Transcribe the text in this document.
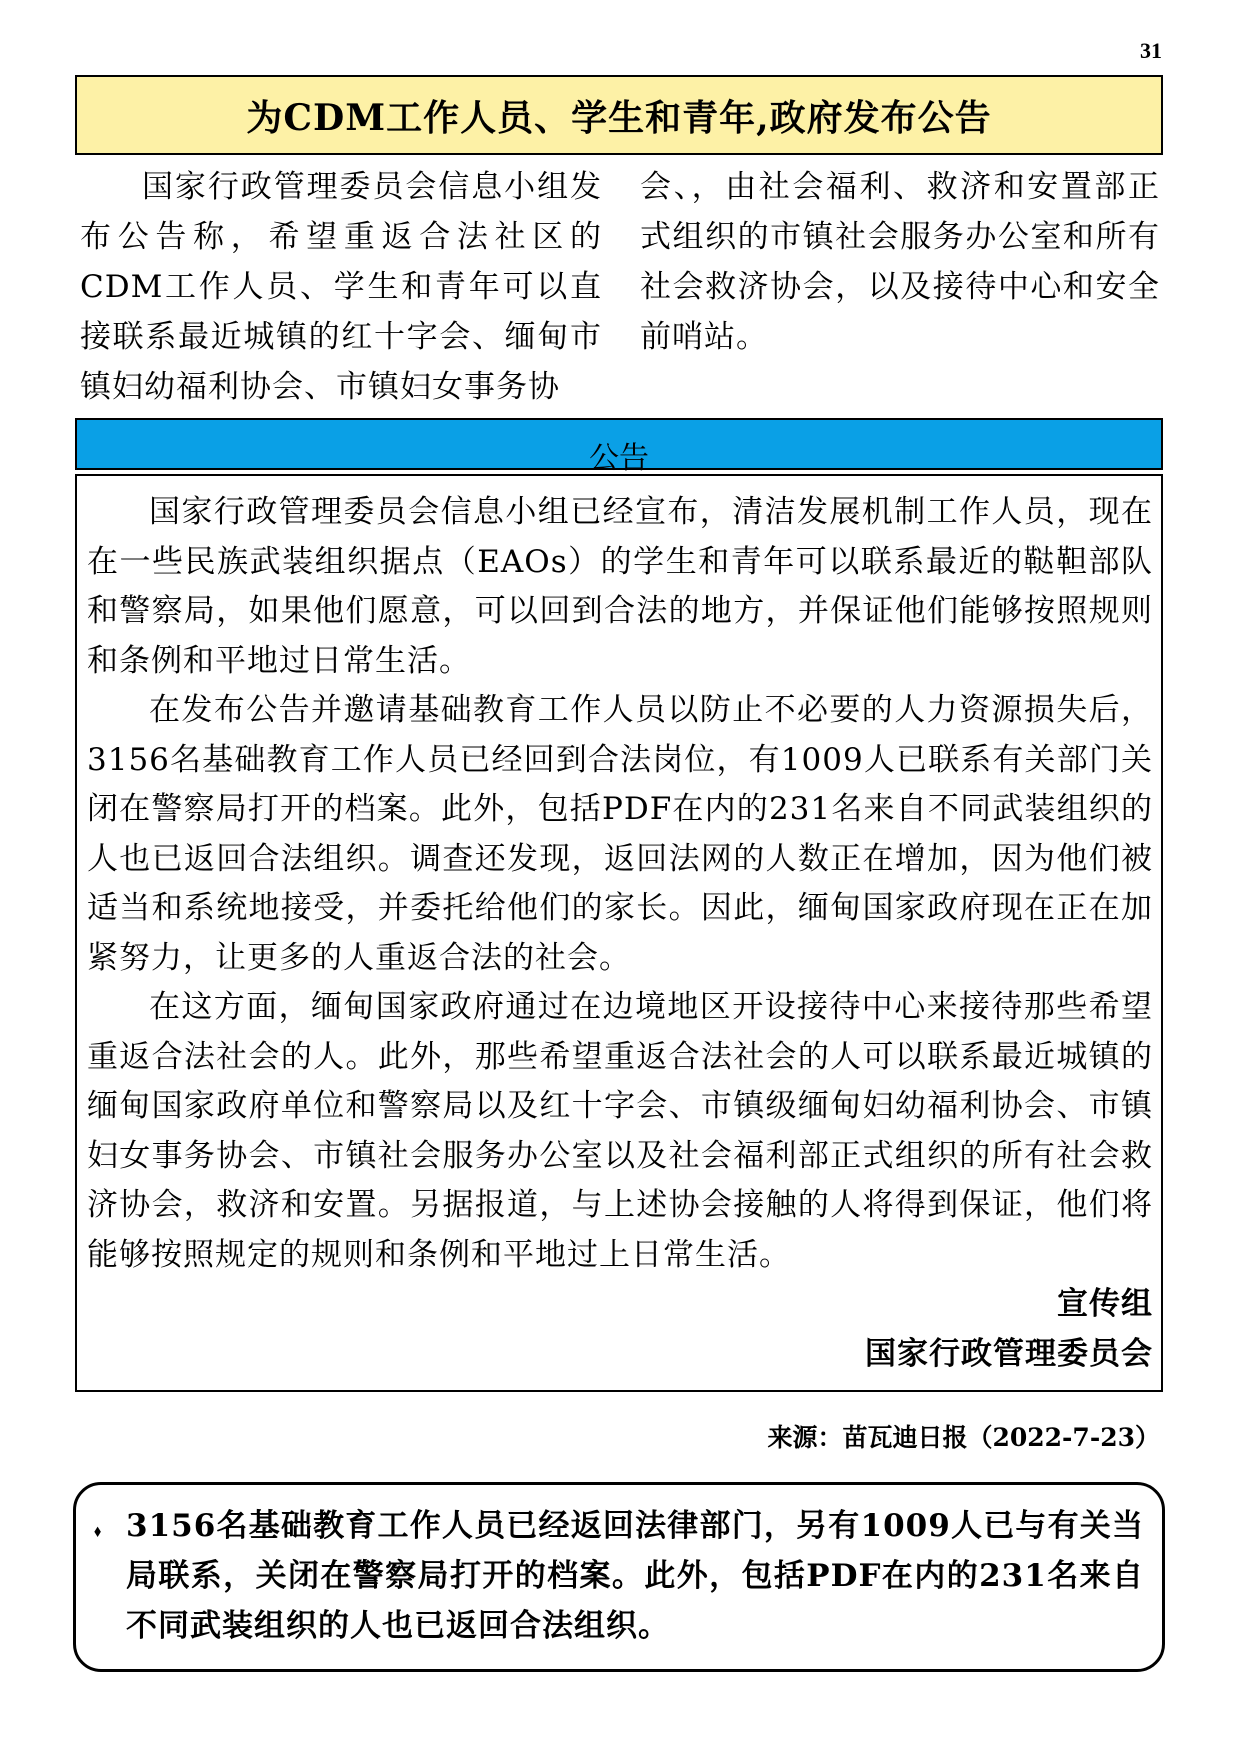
31
为CDM工作人员、学生和青年,政府发布公告

国家行政管理委员会信息小组发布公告称，希望重返合法社区的CDM工作人员、学生和青年可以直接联系最近城镇的红十字会、缅甸市镇妇幼福利协会、市镇妇女事务协

会、，由社会福利、救济和安置部正式组织的市镇社会服务办公室和所有社会救济协会，以及接待中心和安全前哨站。

公告

国家行政管理委员会信息小组已经宣布，清洁发展机制工作人员，现在在一些民族武装组织据点（EAOs）的学生和青年可以联系最近的鞑靼部队和警察局，如果他们愿意，可以回到合法的地方，并保证他们能够按照规则和条例和平地过日常生活。

在发布公告并邀请基础教育工作人员以防止不必要的人力资源损失后，3156名基础教育工作人员已经回到合法岗位，有1009人已联系有关部门关闭在警察局打开的档案。此外，包括PDF在内的231名来自不同武装组织的人也已返回合法组织。调查还发现，返回法网的人数正在增加，因为他们被适当和系统地接受，并委托给他们的家长。因此，缅甸国家政府现在正在加紧努力，让更多的人重返合法的社会。

在这方面，缅甸国家政府通过在边境地区开设接待中心来接待那些希望重返合法社会的人。此外，那些希望重返合法社会的人可以联系最近城镇的缅甸国家政府单位和警察局以及红十字会、市镇级缅甸妇幼福利协会、市镇妇女事务协会、市镇社会服务办公室以及社会福利部正式组织的所有社会救济协会，救济和安置。另据报道，与上述协会接触的人将得到保证，他们将能够按照规定的规则和条例和平地过上日常生活。

宣传组

国家行政管理委员会

来源：苗瓦迪日报（2022-7-23）
⬧ 3156名基础教育工作人员已经返回法律部门，另有1009人已与有关当局联系，关闭在警察局打开的档案。此外，包括PDF在内的231名来自不同武装组织的人也已返回合法组织。
